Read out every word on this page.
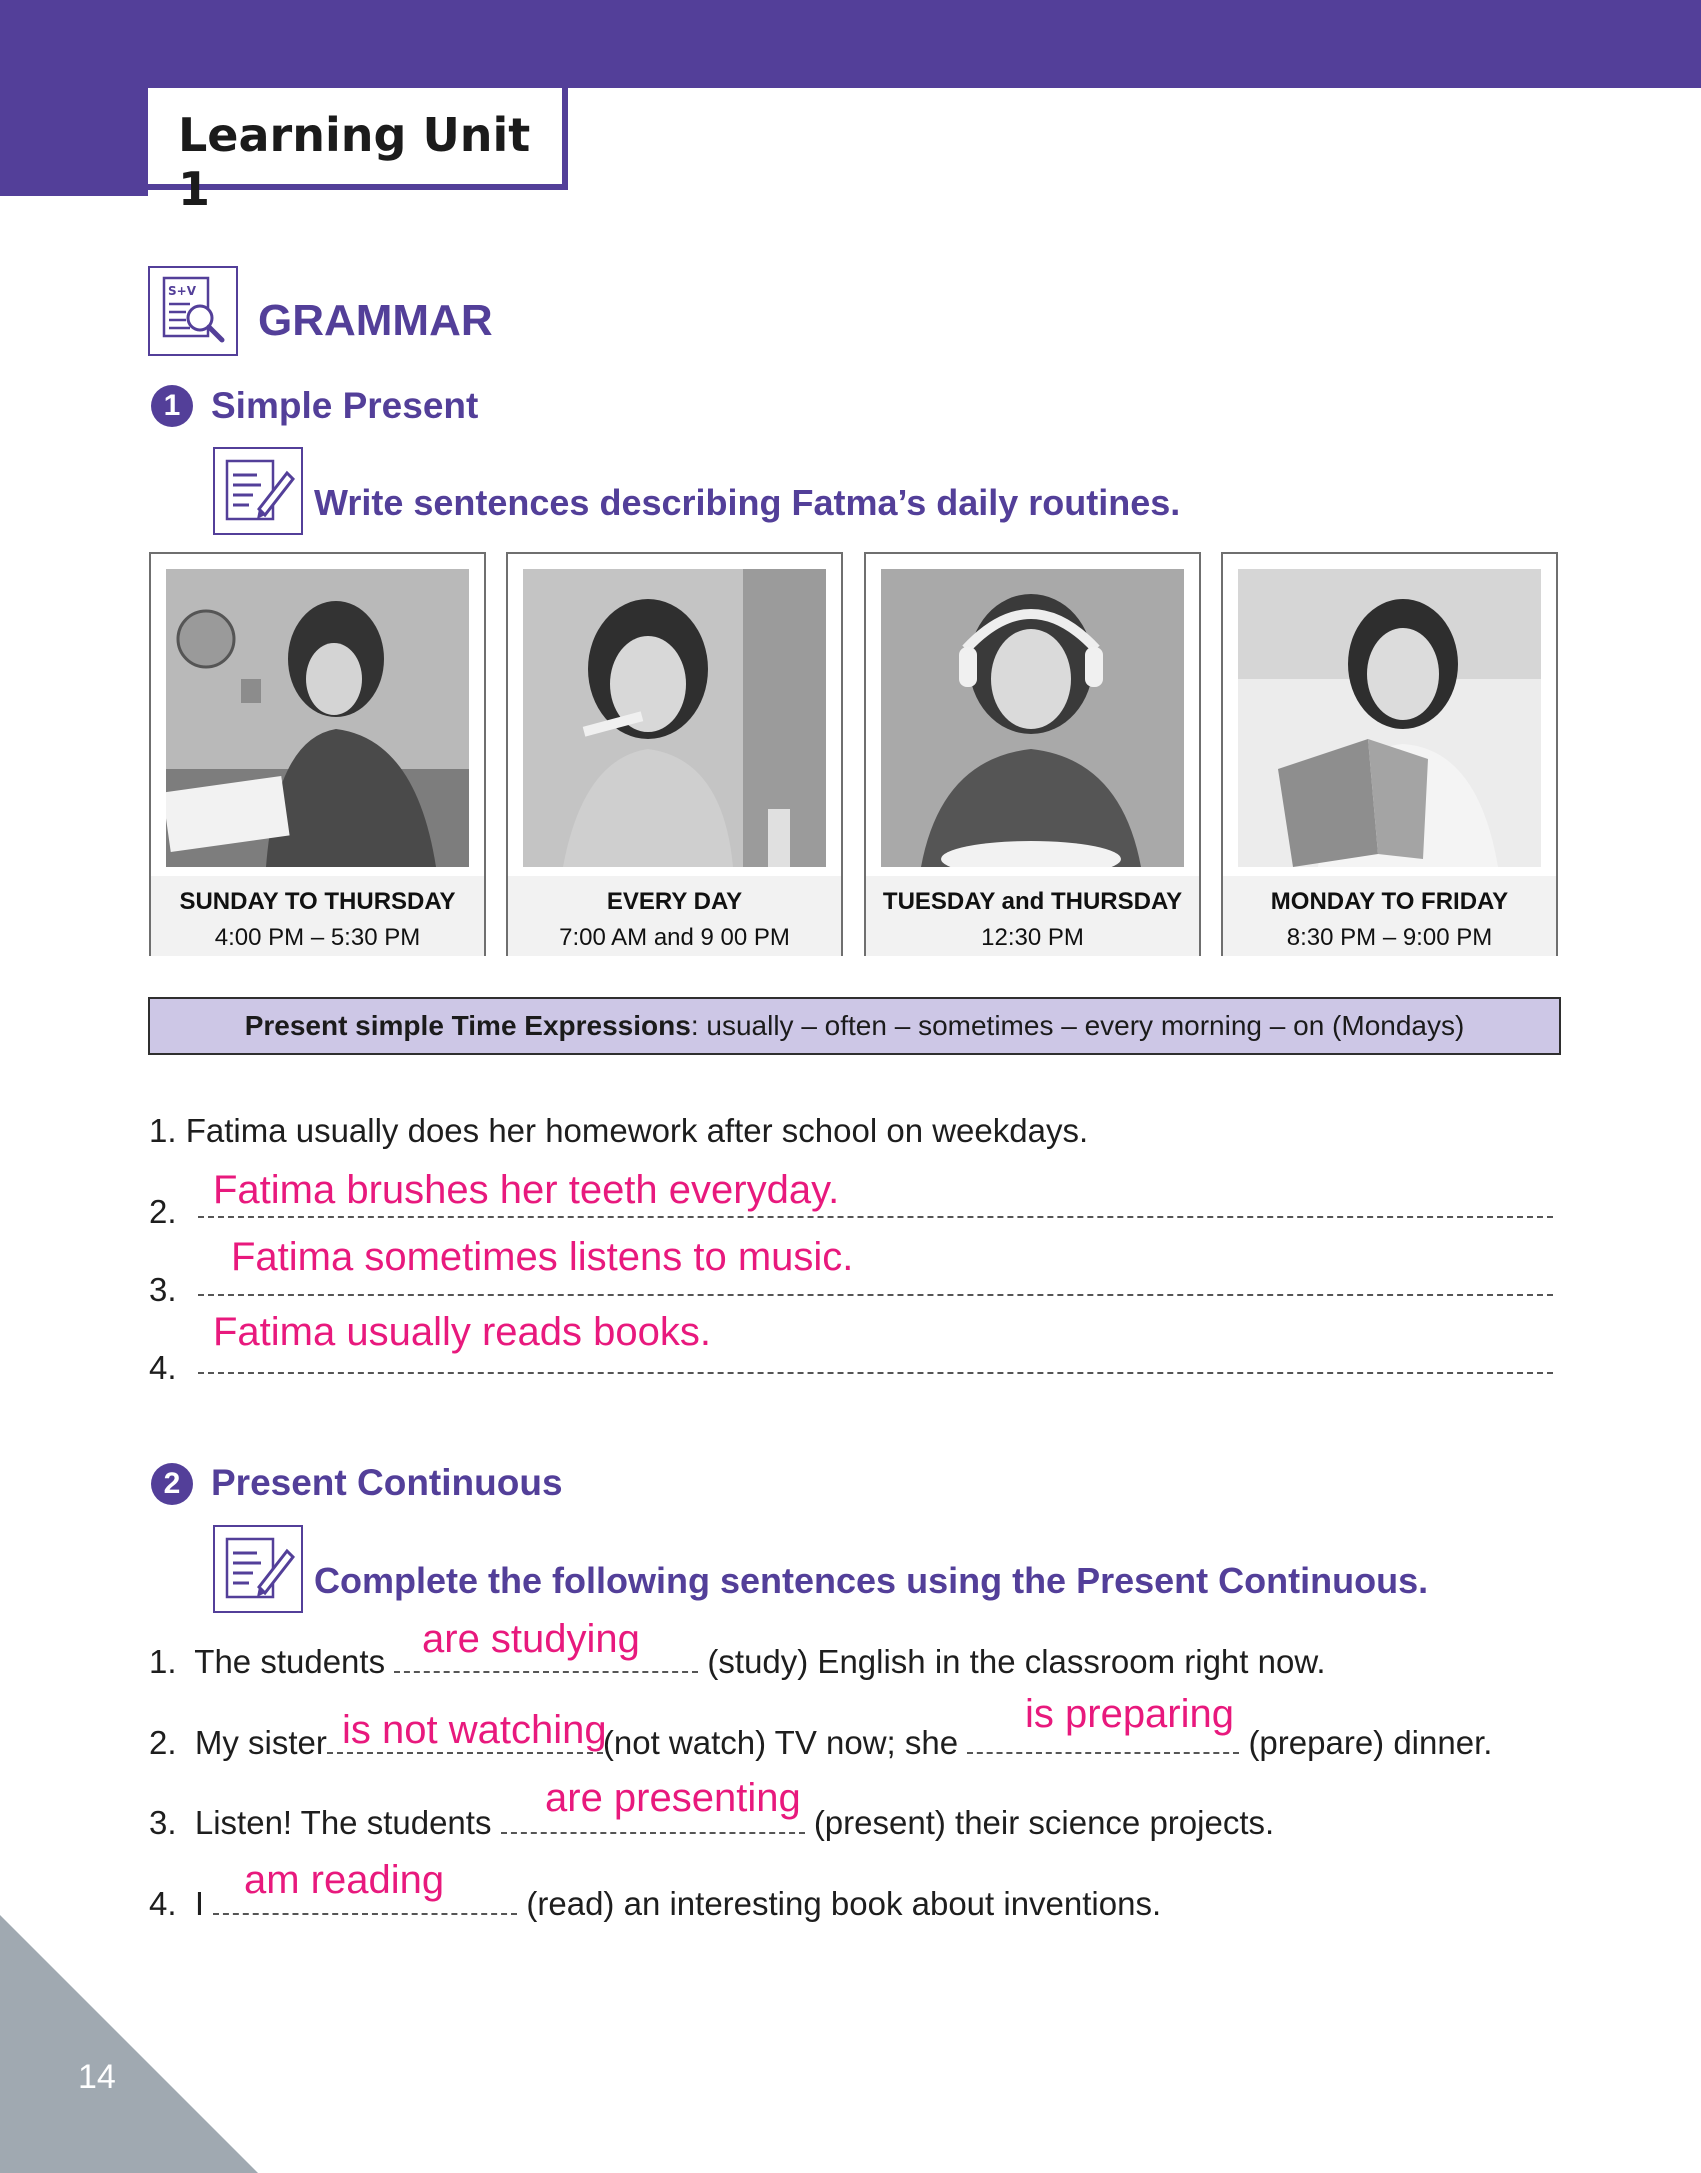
Learning Unit 1
S+V
GRAMMAR
1 Simple Present
Write sentences describing Fatma’s daily routines.
SUNDAY TO THURSDAY
4:00 PM – 5:30 PM
EVERY DAY
7:00 AM and 9 00 PM
TUESDAY and THURSDAY
12:30 PM
MONDAY TO FRIDAY
8:30 PM – 9:00 PM
Present simple Time Expressions: usually – often – sometimes – every morning – on (Mondays)
1. Fatima usually does her homework after school on weekdays.
Fatima brushes her teeth everyday.
2.
Fatima sometimes listens to music.
3.
Fatima usually reads books.
4.
2 Present Continuous
Complete the following sentences using the Present Continuous.
are studying
1. The students	(study) English in the classroom right now.
is not watching	is preparing
2. My sister	(not watch) TV now; she	(prepare) dinner.
are presenting
3. Listen! The students	(present) their science projects.
am reading
4. I	(read) an interesting book about inventions.
14
